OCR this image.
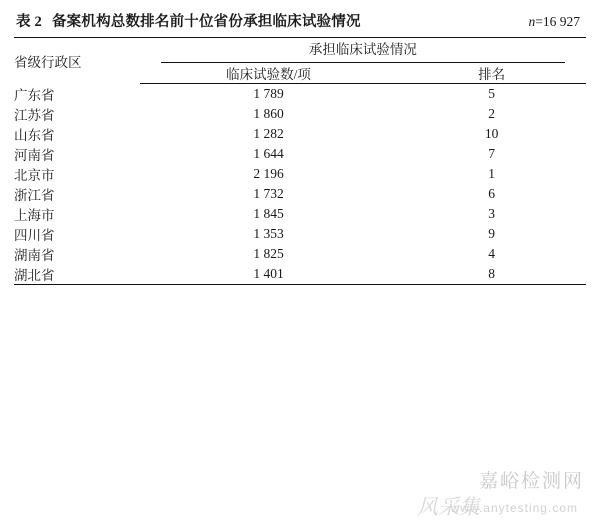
表 2 备案机构总数排名前十位省份承担临床试验情况	n=16 927
省级行政区	承担临床试验情况	
	临床试验数/项	排名
广东省	1 789	5
江苏省	1 860	2
山东省	1 282	10
河南省	1 644	7
北京市	2 196	1
浙江省	1 732	6
上海市	1 845	3
四川省	1 353	9
湖南省	1 825	4
湖北省	1 401	8
嘉峪检测网
www.anytesting.com
风采集
